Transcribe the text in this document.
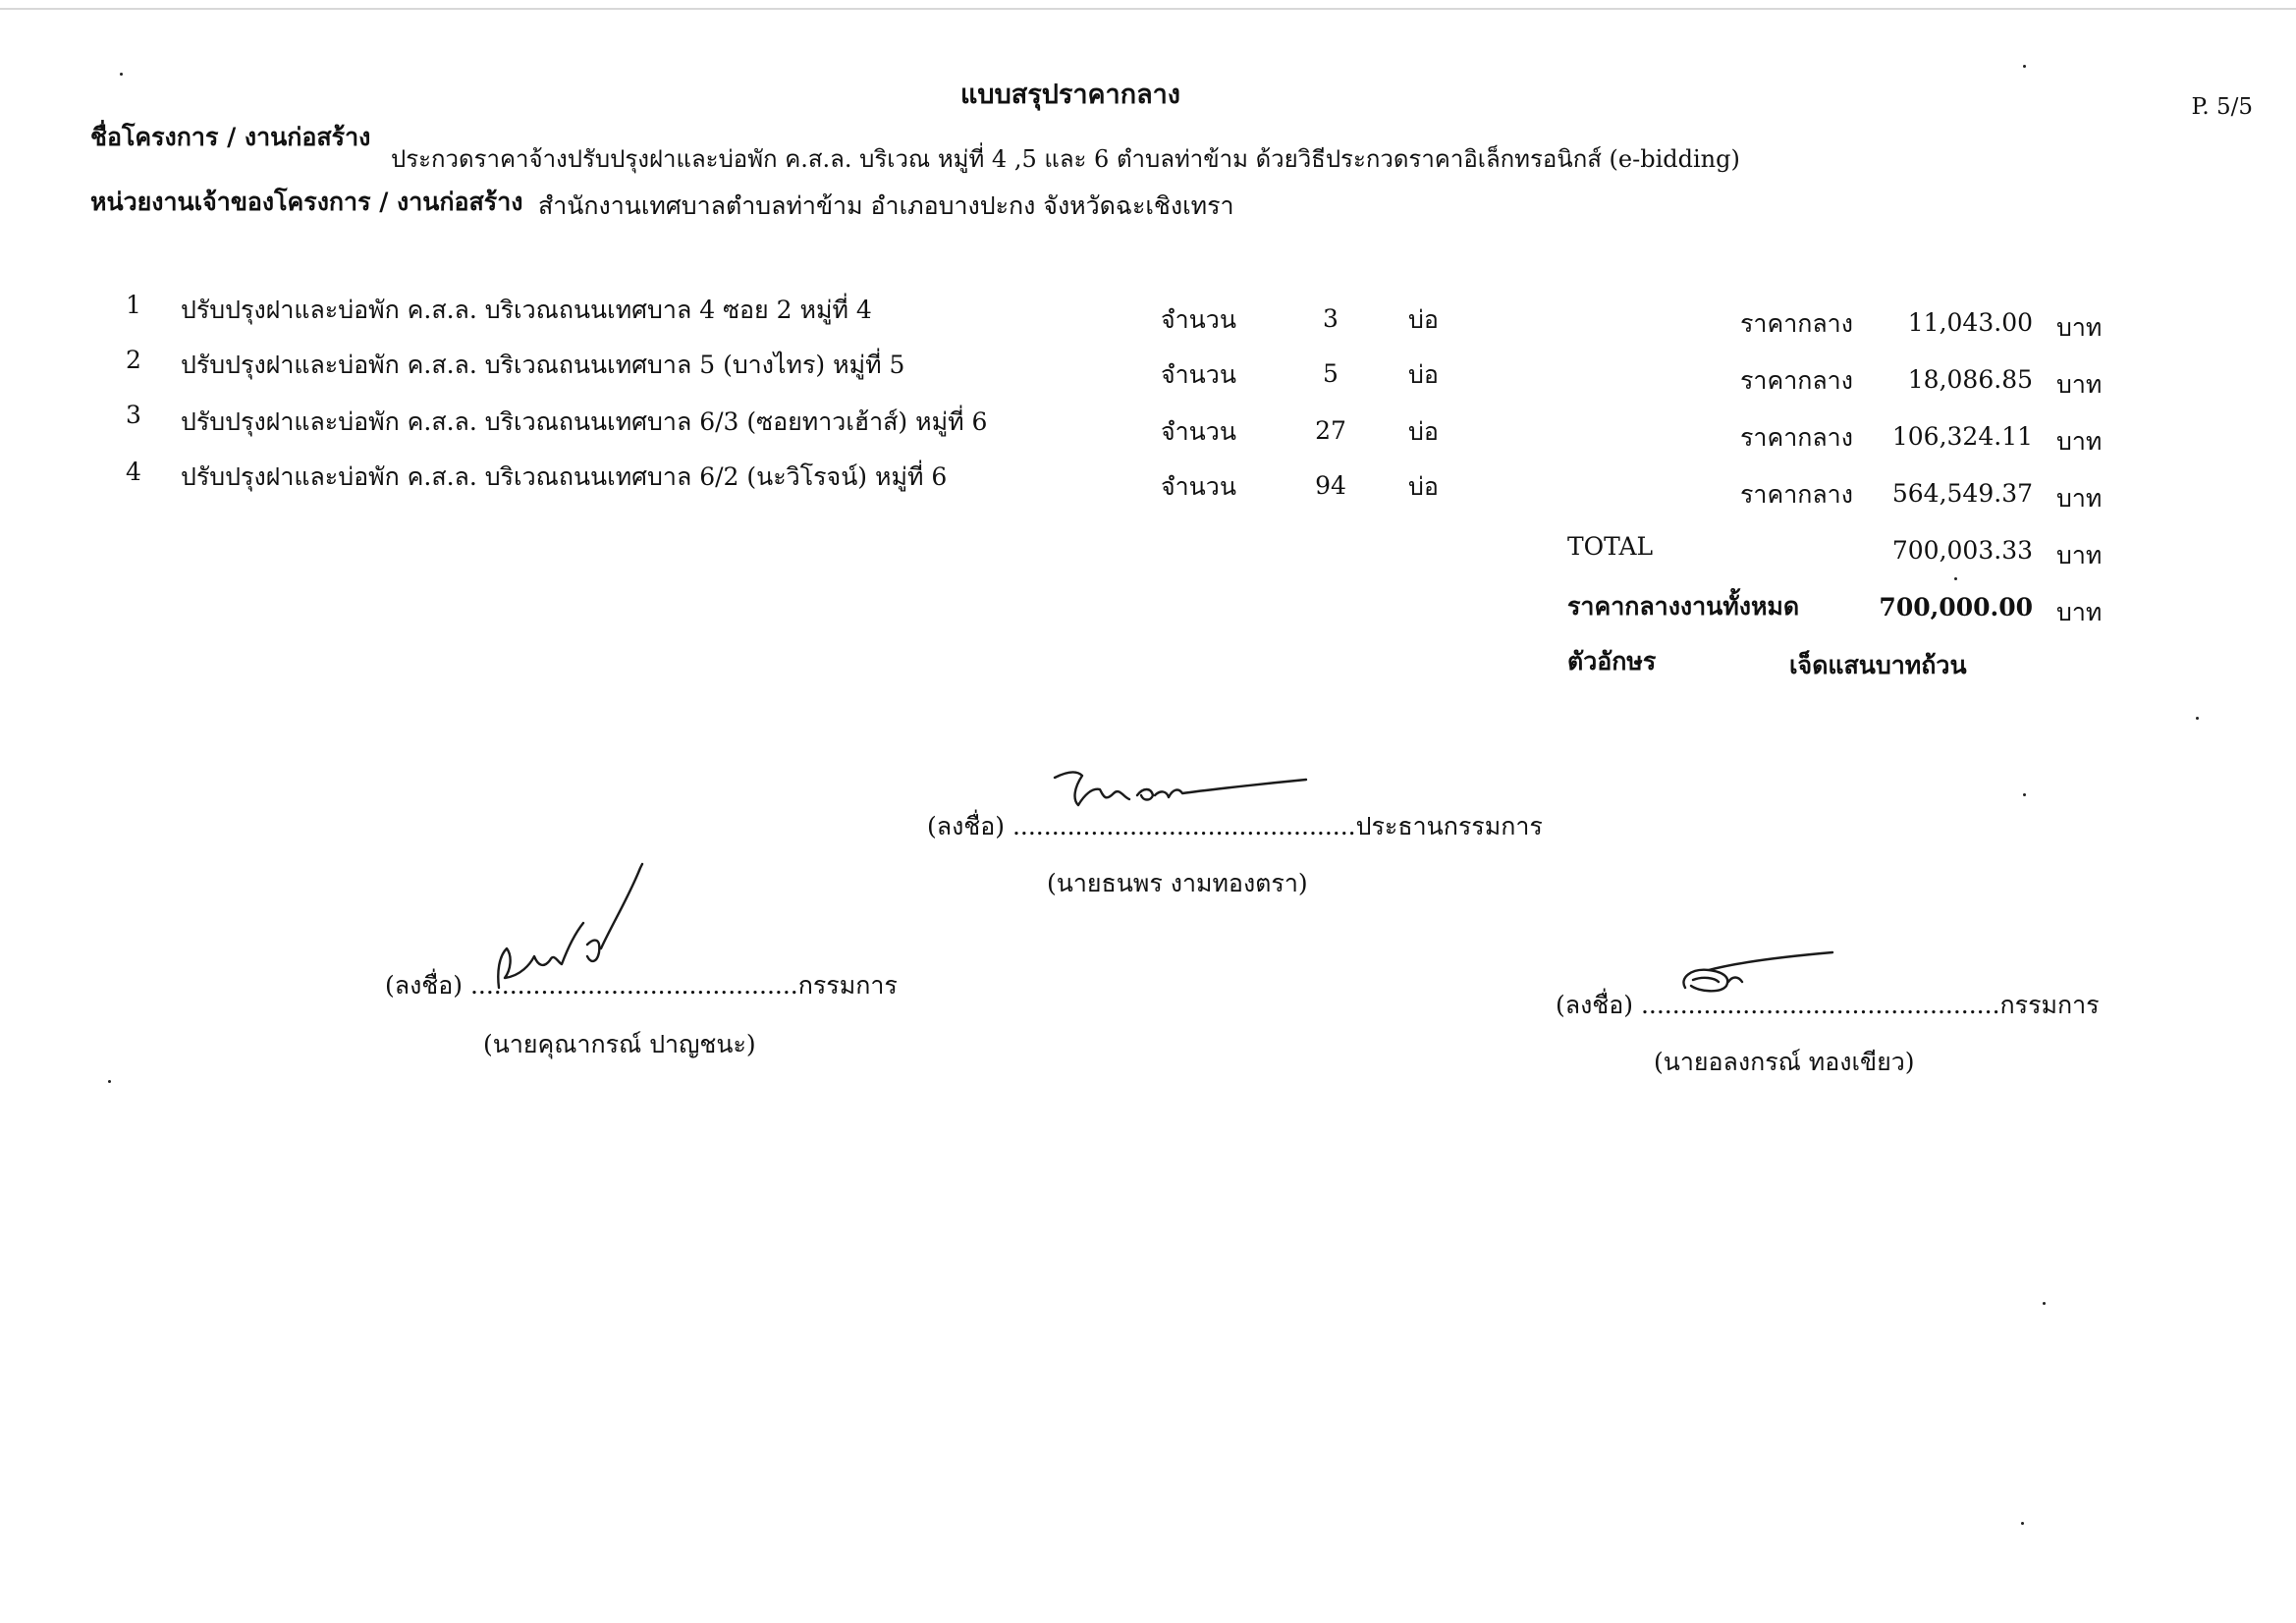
แบบสรุปราคากลาง	P. 5/5
ชื่อโครงการ / งานก่อสร้าง
ประกวดราคาจ้างปรับปรุงฝาและบ่อพัก ค.ส.ล. บริเวณ หมู่ที่ 4 ,5 และ 6 ตำบลท่าข้าม ด้วยวิธีประกวดราคาอิเล็กทรอนิกส์ (e-bidding)
หน่วยงานเจ้าของโครงการ / งานก่อสร้าง สำนักงานเทศบาลตำบลท่าข้าม อำเภอบางปะกง จังหวัดฉะเชิงเทรา
1 ปรับปรุงฝาและบ่อพัก ค.ส.ล. บริเวณถนนเทศบาล 4 ซอย 2 หมู่ที่ 4	จำนวน	3	บ่อ	ราคากลาง	11,043.00 บาท
2 ปรับปรุงฝาและบ่อพัก ค.ส.ล. บริเวณถนนเทศบาล 5 (บางไทร) หมู่ที่ 5	จำนวน	5	บ่อ	ราคากลาง	18,086.85 บาท
3 ปรับปรุงฝาและบ่อพัก ค.ส.ล. บริเวณถนนเทศบาล 6/3 (ซอยทาวเฮ้าส์) หมู่ที่ 6	จำนวน	27	บ่อ	ราคากลาง	106,324.11 บาท
4 ปรับปรุงฝาและบ่อพัก ค.ส.ล. บริเวณถนนเทศบาล 6/2 (นะวิโรจน์) หมู่ที่ 6	จำนวน	94	บ่อ	ราคากลาง	564,549.37 บาท
TOTAL	700,003.33 บาท
ราคากลางงานทั้งหมด	700,000.00 บาท
ตัวอักษร	เจ็ดแสนบาทถ้วน
(ลงชื่อ) ............................................ประธานกรรมการ
(นายธนพร งามทองตรา)
(ลงชื่อ) ..........................................กรรมการ
(นายคุณากรณ์ ปาญชนะ)
(ลงชื่อ) ..............................................กรรมการ
(นายอลงกรณ์ ทองเขียว)
